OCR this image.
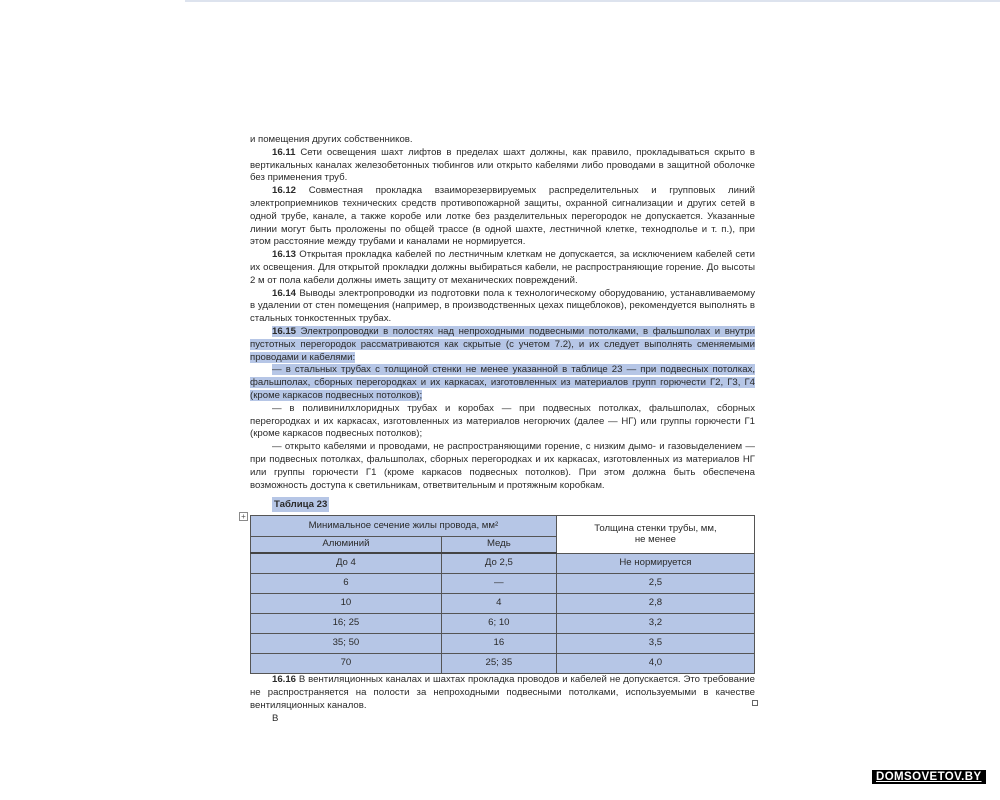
и помещения других собственников.

16.11 Сети освещения шахт лифтов в пределах шахт должны, как правило, прокладываться скрыто в вертикальных каналах железобетонных тюбингов или открыто кабелями либо проводами в защитной оболочке без применения труб.

16.12 Совместная прокладка взаиморезервируемых распределительных и групповых линий электроприемников технических средств противопожарной защиты, охранной сигнализации и других сетей в одной трубе, канале, а также коробе или лотке без разделительных перегородок не допускается. Указанные линии могут быть проложены по общей трассе (в одной шахте, лестничной клетке, технодполье и т. п.), при этом расстояние между трубами и каналами не нормируется.

16.13 Открытая прокладка кабелей по лестничным клеткам не допускается, за исключением кабелей сети их освещения. Для открытой прокладки должны выбираться кабели, не распространяющие горение. До высоты 2 м от пола кабели должны иметь защиту от механических повреждений.

16.14 Выводы электропроводки из подготовки пола к технологическому оборудованию, устанавливаемому в удалении от стен помещения (например, в производственных цехах пищеблоков), рекомендуется выполнять в стальных тонкостенных трубах.

16.15 Электропроводки в полостях над непроходными подвесными потолками, в фальшполах и внутри пустотных перегородок рассматриваются как скрытые (с учетом 7.2), и их следует выполнять сменяемыми проводами и кабелями:

— в стальных трубах с толщиной стенки не менее указанной в таблице 23 — при подвесных потолках, фальшполах, сборных перегородках и их каркасах, изготовленных из материалов групп горючести Г2, Г3, Г4 (кроме каркасов подвесных потолков);

— в поливинилхлоридных трубах и коробах — при подвесных потолках, фальшполах, сборных перегородках и их каркасах, изготовленных из материалов негорючих (далее — НГ) или группы горючести Г1 (кроме каркасов подвесных потолков);

— открыто кабелями и проводами, не распространяющими горение, с низким дымо- и газовыделением — при подвесных потолках, фальшполах, сборных перегородках и их каркасах, изготовленных из материалов НГ или группы горючести Г1 (кроме каркасов подвесных потолков). При этом должна быть обеспечена возможность доступа к светильникам, ответвительным и протяжным коробкам.

Таблица 23
+
Минимальное сечение жилы провода, мм²		Толщина стенки трубы, мм,
не менее
Алюминий	Медь	
До 4	До 2,5	Не нормируется
6	—	2,5
10	4	2,8
16; 25	6; 10	3,2
35; 50	16	3,5
70	25; 35	4,0

16.16 В вентиляционных каналах и шахтах прокладка проводов и кабелей не допускается. Это требование не распространяется на полости за непроходными подвесными потолками, используемыми в качестве вентиляционных каналов.

В

DOMSOVETOV.BY
